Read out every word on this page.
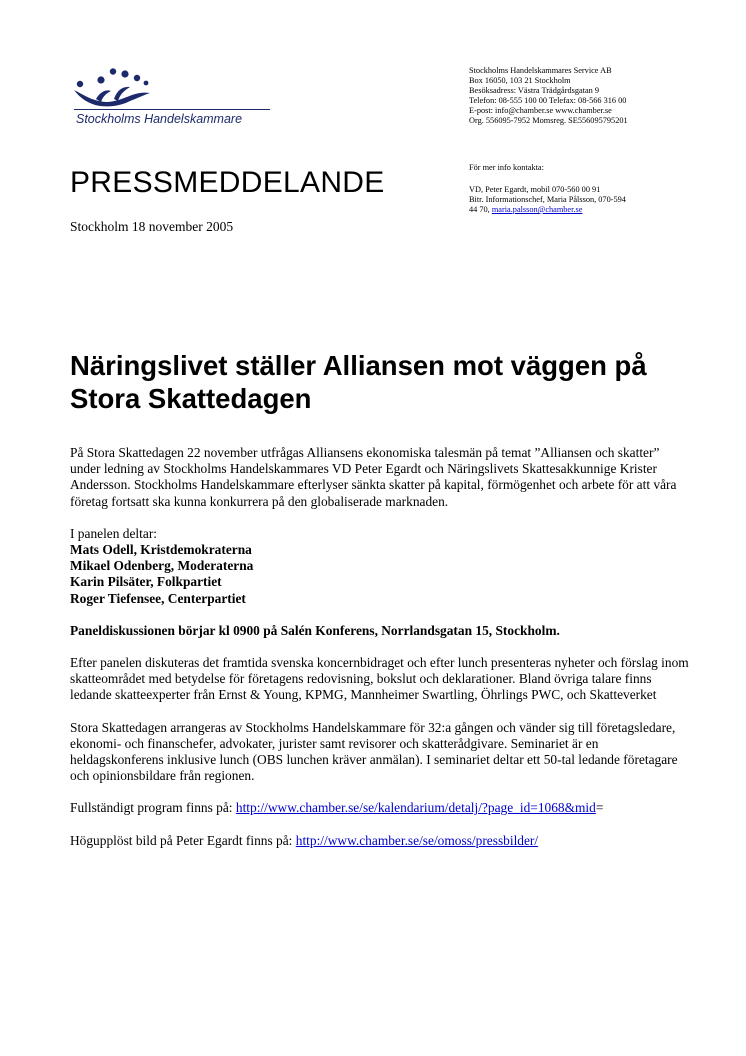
Stockholms Handelskammare
Stockholms Handelskammares Service AB
Box 16050, 103 21 Stockholm
Besöksadress: Västra Trädgårdsgatan 9
Telefon: 08-555 100 00 Telefax: 08-566 316 00
E-post: info@chamber.se www.chamber.se
Org. 556095-7952 Momsreg. SE556095795201
För mer info kontakta:
VD, Peter Egardt, mobil 070-560 00 91
Bitr. Informationschef, Maria Pålsson, 070-594
44 70, maria.palsson@chamber.se
PRESSMEDDELANDE
Stockholm 18 november 2005
Näringslivet ställer Alliansen mot väggen på Stora Skattedagen

På Stora Skattedagen 22 november utfrågas Alliansens ekonomiska talesmän på temat ”Alliansen och skatter” under ledning av Stockholms Handelskammares VD Peter Egardt och Näringslivets Skattesakkunnige Krister Andersson. Stockholms Handelskammare efterlyser sänkta skatter på kapital, förmögenhet och arbete för att våra företag fortsatt ska kunna konkurrera på den globaliserade marknaden.

I panelen deltar:
Mats Odell, Kristdemokraterna
Mikael Odenberg, Moderaterna
Karin Pilsäter, Folkpartiet
Roger Tiefensee, Centerpartiet

Paneldiskussionen börjar kl 0900 på Salén Konferens, Norrlandsgatan 15, Stockholm.

Efter panelen diskuteras det framtida svenska koncernbidraget och efter lunch presenteras nyheter och förslag inom skatteområdet med betydelse för företagens redovisning, bokslut och deklarationer. Bland övriga talare finns ledande skatteexperter från Ernst & Young, KPMG, Mannheimer Swartling, Öhrlings PWC, och Skatteverket

Stora Skattedagen arrangeras av Stockholms Handelskammare för 32:a gången och vänder sig till företagsledare, ekonomi- och finanschefer, advokater, jurister samt revisorer och skatterådgivare. Seminariet är en heldagskonferens inklusive lunch (OBS lunchen kräver anmälan). I seminariet deltar ett 50-tal ledande företagare och opinionsbildare från regionen.

Fullständigt program finns på: http://www.chamber.se/se/kalendarium/detalj/?page_id=1068&mid=

Högupplöst bild på Peter Egardt finns på: http://www.chamber.se/se/omoss/pressbilder/
